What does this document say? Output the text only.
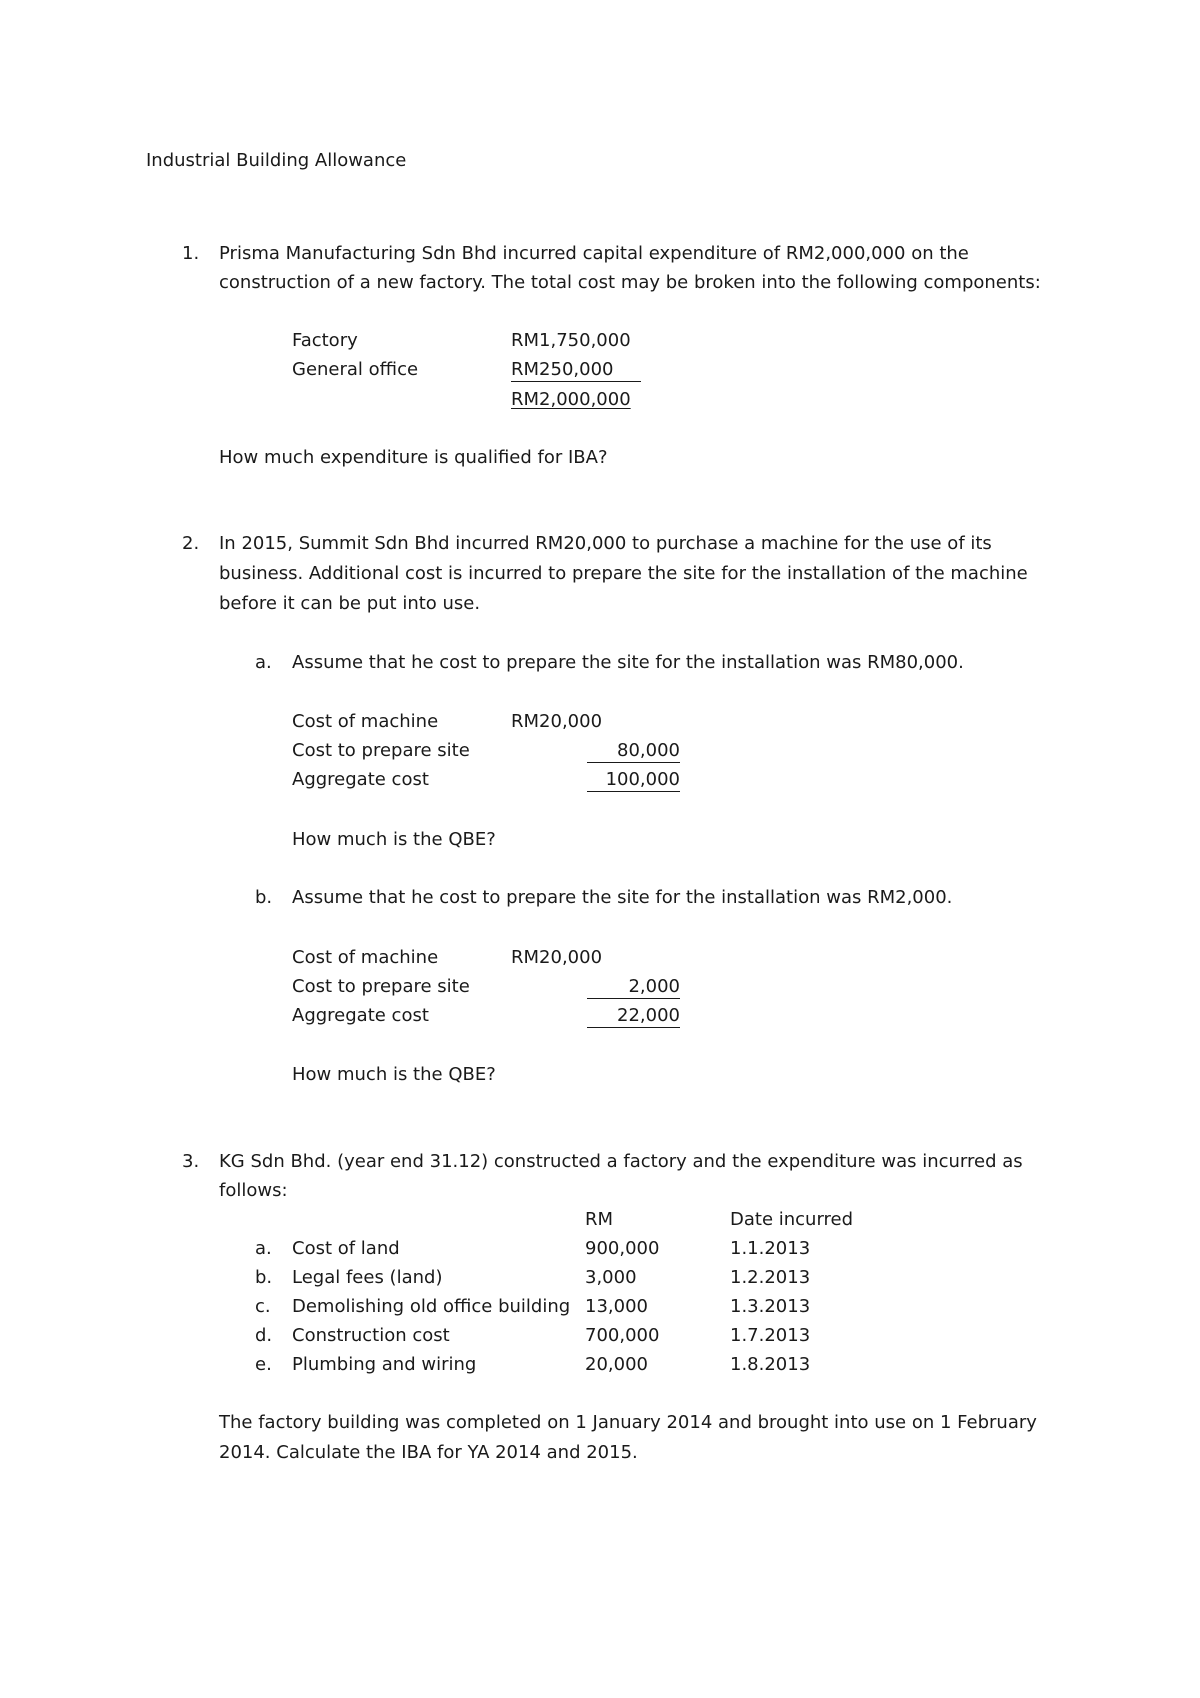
Industrial Building Allowance
1. Prisma Manufacturing Sdn Bhd incurred capital expenditure of RM2,000,000 on the
construction of a new factory. The total cost may be broken into the following components:
Factory	RM1,750,000
General office	RM250,000
RM2,000,000
How much expenditure is qualified for IBA?
2. In 2015, Summit Sdn Bhd incurred RM20,000 to purchase a machine for the use of its
business. Additional cost is incurred to prepare the site for the installation of the machine
before it can be put into use.
a. Assume that he cost to prepare the site for the installation was RM80,000.
Cost of machine	RM20,000
Cost to prepare site	80,000
Aggregate cost	100,000
How much is the QBE?
b. Assume that he cost to prepare the site for the installation was RM2,000.
Cost of machine	RM20,000
Cost to prepare site	2,000
Aggregate cost	22,000
How much is the QBE?
3. KG Sdn Bhd. (year end 31.12) constructed a factory and the expenditure was incurred as
follows:
RM	Date incurred
a. Cost of land	900,000	1.1.2013
b. Legal fees (land)	3,000	1.2.2013
c. Demolishing old office building 13,000	1.3.2013
d. Construction cost	700,000	1.7.2013
e. Plumbing and wiring	20,000	1.8.2013
The factory building was completed on 1 January 2014 and brought into use on 1 February
2014. Calculate the IBA for YA 2014 and 2015.
